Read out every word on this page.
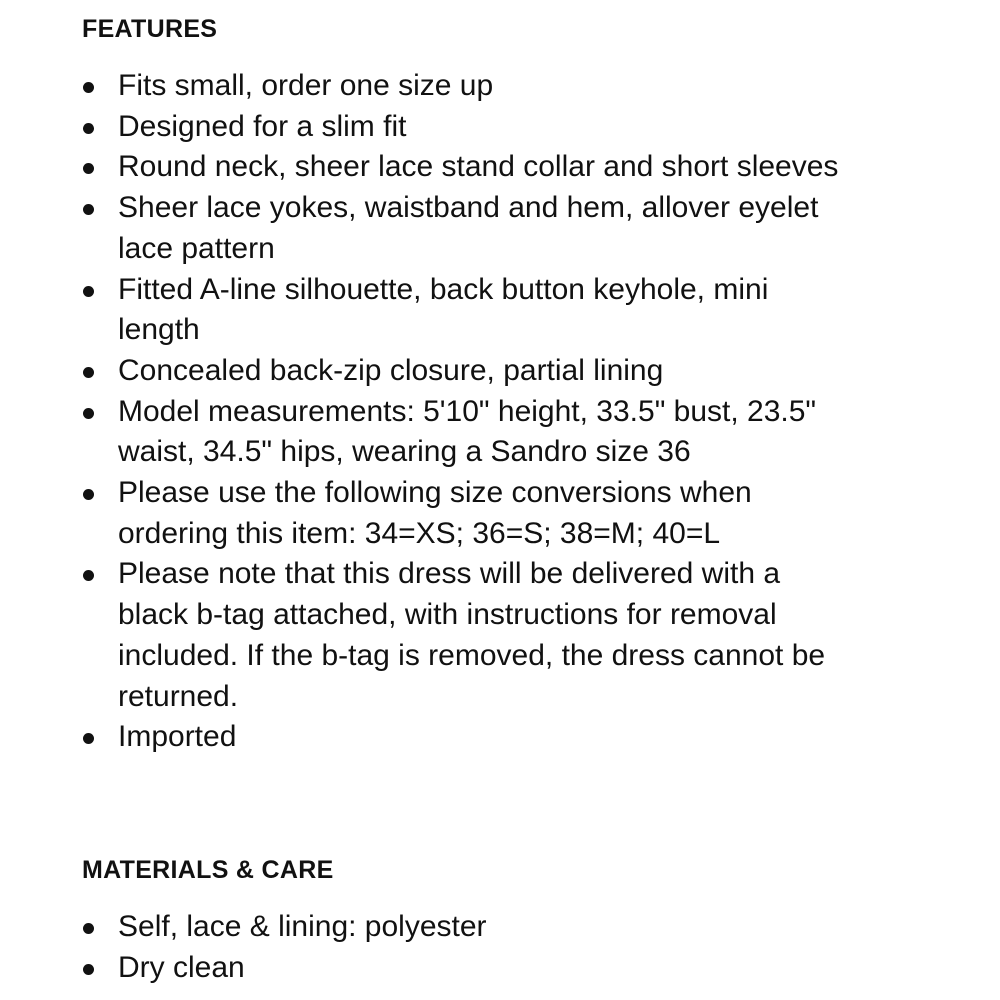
FEATURES
Fits small, order one size up
Designed for a slim fit
Round neck, sheer lace stand collar and short sleeves
Sheer lace yokes, waistband and hem, allover eyelet lace pattern
Fitted A-line silhouette, back button keyhole, mini length
Concealed back-zip closure, partial lining
Model measurements: 5'10" height, 33.5" bust, 23.5" waist, 34.5" hips, wearing a Sandro size 36
Please use the following size conversions when ordering this item: 34=XS; 36=S; 38=M; 40=L
Please note that this dress will be delivered with a black b-tag attached, with instructions for removal included. If the b-tag is removed, the dress cannot be returned.
Imported
MATERIALS & CARE
Self, lace & lining: polyester
Dry clean
